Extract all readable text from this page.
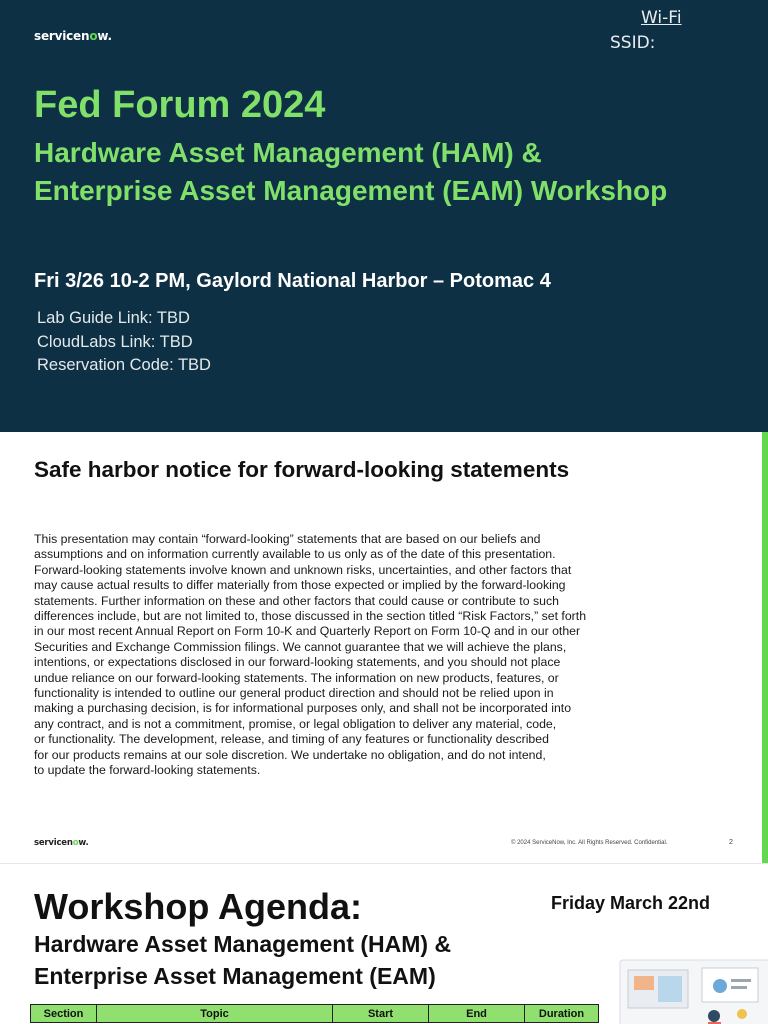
servicenow.
Wi-Fi
SSID:
Fed Forum 2024
Hardware Asset Management (HAM) & Enterprise Asset Management (EAM) Workshop
Fri 3/26 10-2 PM, Gaylord National Harbor – Potomac 4
Lab Guide Link: TBD
CloudLabs Link: TBD
Reservation Code: TBD
Safe harbor notice for forward-looking statements
This presentation may contain “forward-looking” statements that are based on our beliefs and
assumptions and on information currently available to us only as of the date of this presentation.
Forward-looking statements involve known and unknown risks, uncertainties, and other factors that
may cause actual results to differ materially from those expected or implied by the forward-looking
statements. Further information on these and other factors that could cause or contribute to such
differences include, but are not limited to, those discussed in the section titled “Risk Factors,” set forth
in our most recent Annual Report on Form 10-K and Quarterly Report on Form 10-Q and in our other
Securities and Exchange Commission filings. We cannot guarantee that we will achieve the plans,
intentions, or expectations disclosed in our forward-looking statements, and you should not place
undue reliance on our forward-looking statements. The information on new products, features, or
functionality is intended to outline our general product direction and should not be relied upon in
making a purchasing decision, is for informational purposes only, and shall not be incorporated into
any contract, and is not a commitment, promise, or legal obligation to deliver any material, code,
or functionality. The development, release, and timing of any features or functionality described
for our products remains at our sole discretion. We undertake no obligation, and do not intend,
to update the forward-looking statements.
servicenow.	© 2024 ServiceNow, Inc. All Rights Reserved. Confidential.	2
Workshop Agenda:
Hardware Asset Management (HAM) &
Enterprise Asset Management (EAM)
Friday March 22nd
Section	Topic	Start	End	Duration
